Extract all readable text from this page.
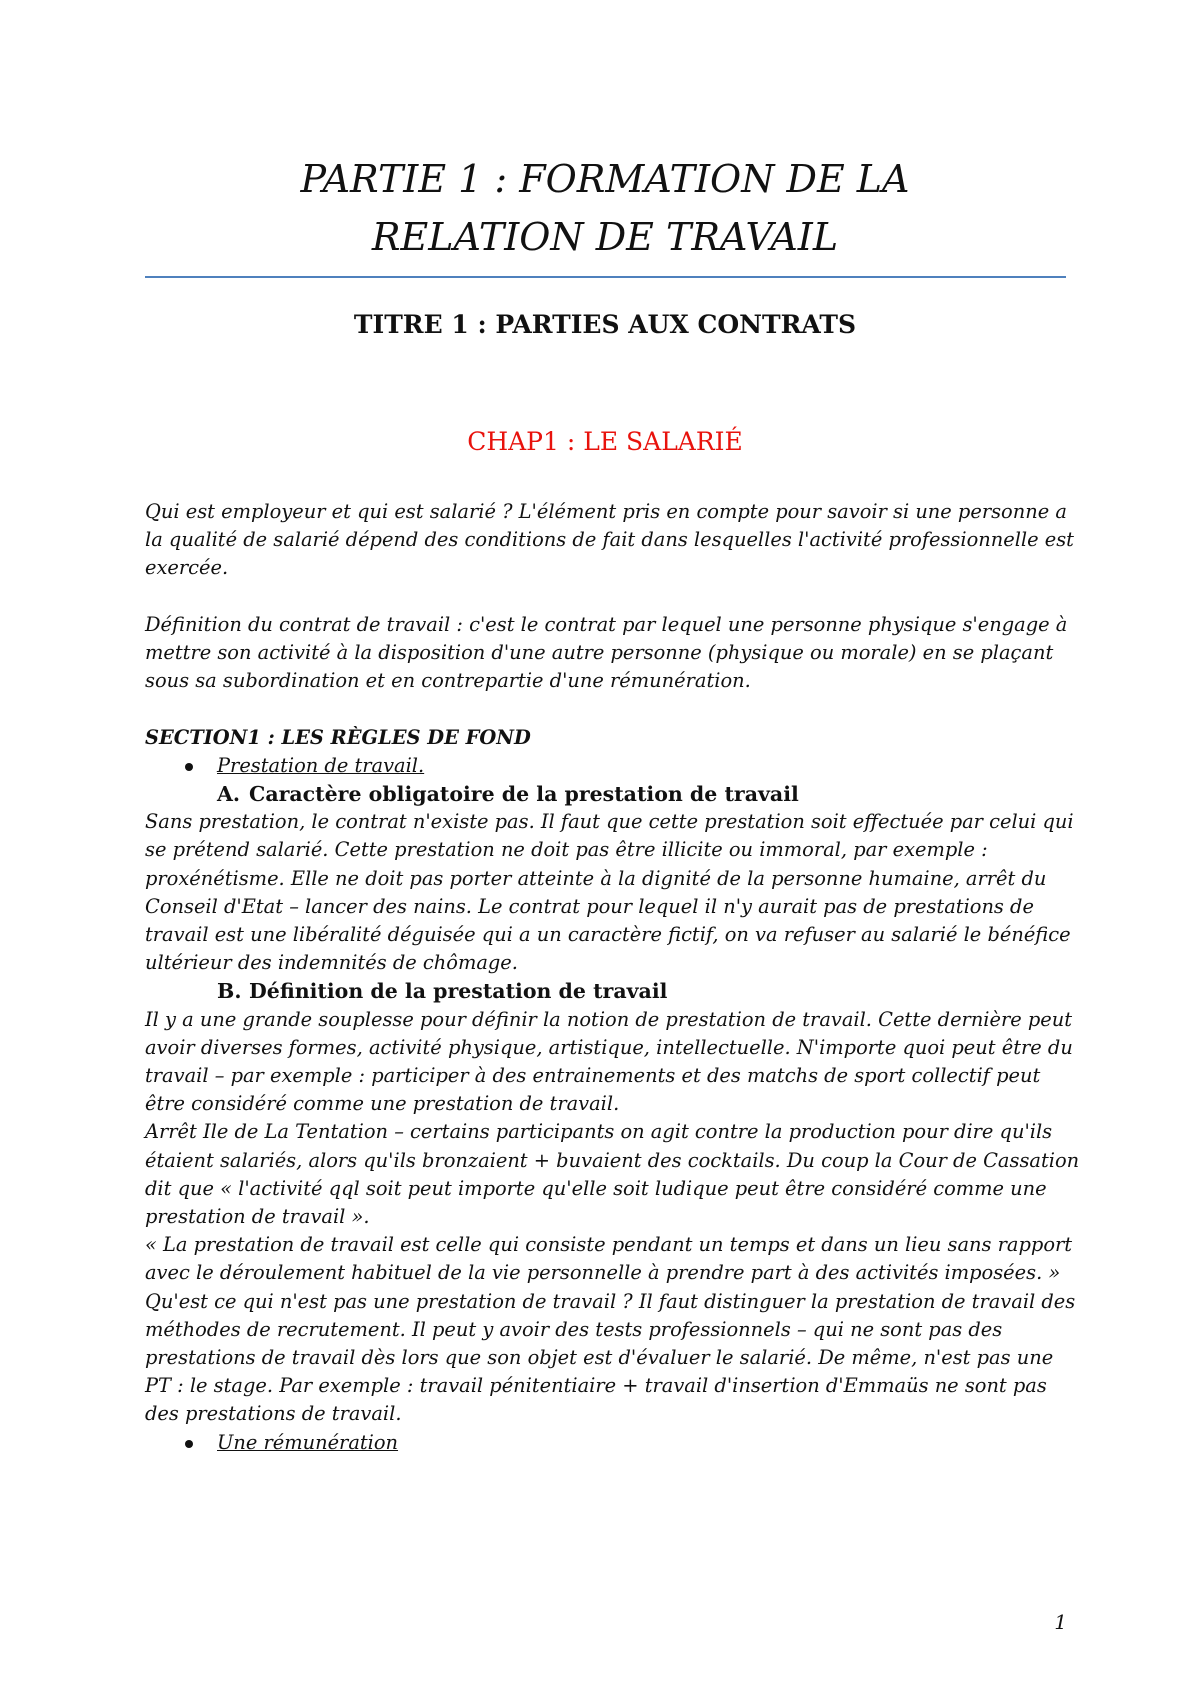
PARTIE 1 : FORMATION DE LA
RELATION DE TRAVAIL
TITRE 1 : PARTIES AUX CONTRATS
CHAP1 : LE SALARIÉ

Qui est employeur et qui est salarié ? L'élément pris en compte pour savoir si une personne a la qualité de salarié dépend des conditions de fait dans lesquelles l'activité professionnelle est exercée.

Définition du contrat de travail : c'est le contrat par lequel une personne physique s'engage à mettre son activité à la disposition d'une autre personne (physique ou morale) en se plaçant sous sa subordination et en contrepartie d'une rémunération.

SECTION1 : LES RÈGLES DE FOND

Prestation de travail.

A. Caractère obligatoire de la prestation de travail

Sans prestation, le contrat n'existe pas. Il faut que cette prestation soit effectuée par celui qui se prétend salarié. Cette prestation ne doit pas être illicite ou immoral, par exemple : proxénétisme. Elle ne doit pas porter atteinte à la dignité de la personne humaine, arrêt du Conseil d'Etat – lancer des nains. Le contrat pour lequel il n'y aurait pas de prestations de travail est une libéralité déguisée qui a un caractère fictif, on va refuser au salarié le bénéfice ultérieur des indemnités de chômage.

B. Définition de la prestation de travail

Il y a une grande souplesse pour définir la notion de prestation de travail. Cette dernière peut avoir diverses formes, activité physique, artistique, intellectuelle. N'importe quoi peut être du travail – par exemple : participer à des entrainements et des matchs de sport collectif peut être considéré comme une prestation de travail.

Arrêt Ile de La Tentation – certains participants on agit contre la production pour dire qu'ils étaient salariés, alors qu'ils bronzaient + buvaient des cocktails. Du coup la Cour de Cassation dit que « l'activité qql soit peut importe qu'elle soit ludique peut être considéré comme une prestation de travail ».

« La prestation de travail est celle qui consiste pendant un temps et dans un lieu sans rapport avec le déroulement habituel de la vie personnelle à prendre part à des activités imposées. »

Qu'est ce qui n'est pas une prestation de travail ? Il faut distinguer la prestation de travail des méthodes de recrutement. Il peut y avoir des tests professionnels – qui ne sont pas des prestations de travail dès lors que son objet est d'évaluer le salarié. De même, n'est pas une PT : le stage. Par exemple : travail pénitentiaire + travail d'insertion d'Emmaüs ne sont pas des prestations de travail.

Une rémunération

1
